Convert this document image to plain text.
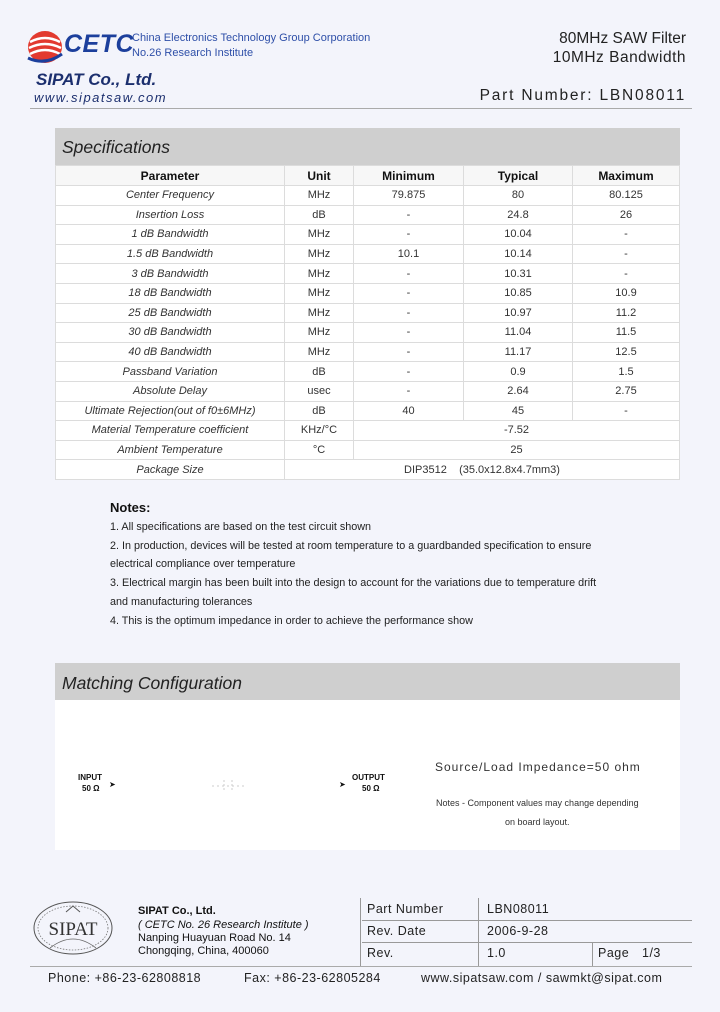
CETC
China Electronics Technology Group Corporation
No.26 Research Institute
SIPAT Co., Ltd.
www.sipatsaw.com
80MHz SAW Filter
10MHz Bandwidth
Part Number: LBN08011
Specifications
Parameter	Unit	Minimum	Typical	Maximum
Center Frequency	MHz	79.875	80	80.125
Insertion Loss	dB	-	24.8	26
1 dB Bandwidth	MHz	-	10.04	-
1.5 dB Bandwidth	MHz	10.1	10.14	-
3 dB Bandwidth	MHz	-	10.31	-
18 dB Bandwidth	MHz	-	10.85	10.9
25 dB Bandwidth	MHz	-	10.97	11.2
30 dB Bandwidth	MHz	-	11.04	11.5
40 dB Bandwidth	MHz	-	11.17	12.5
Passband Variation	dB	-	0.9	1.5
Absolute Delay	usec	-	2.64	2.75
Ultimate Rejection(out of f0±6MHz)	dB	40	45	-
Material Temperature coefficient	KHz/°C	-7.52		
Ambient Temperature	°C	25		
Package Size	DIP3512    (35.0x12.8x4.7mm3)			
Notes:
1. All specifications are based on the test circuit shown
2. In production, devices will be tested at room temperature to a guardbanded specification to ensure
electrical compliance over temperature
3. Electrical margin has been built into the design to account for the variations due to temperature drift
and manufacturing tolerances
4. This is the optimum impedance in order to achieve the performance show
Matching Configuration
INPUT
50 Ω ➤	➤
OUTPUT
50 Ω
Source/Load Impedance=50 ohm
Notes - Component values may change depending
on board layout.
SIPAT
SIPAT Co., Ltd.
( CETC No. 26 Research Institute )
Nanping Huayuan Road No. 14
Chongqing, China, 400060
Part Number	LBN08011
Rev. Date	2006-9-28
Rev.	1.0	Page 1/3
Phone: +86-23-62808818	Fax: +86-23-62805284	www.sipatsaw.com / sawmkt@sipat.com
